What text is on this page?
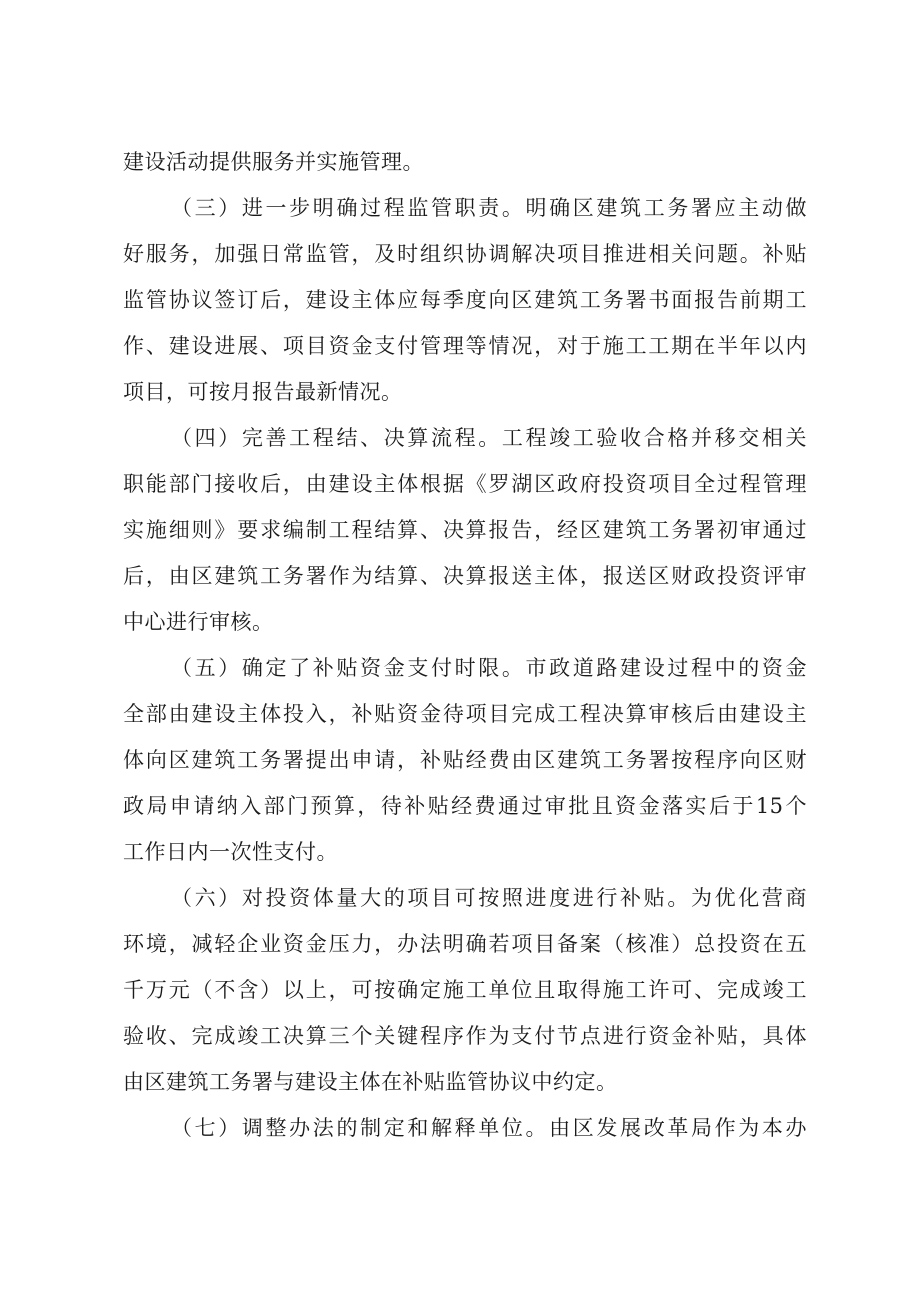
建设活动提供服务并实施管理。
（三）进一步明确过程监管职责。明确区建筑工务署应主动做
好服务，加强日常监管，及时组织协调解决项目推进相关问题。补贴
监管协议签订后，建设主体应每季度向区建筑工务署书面报告前期工
作、建设进展、项目资金支付管理等情况，对于施工工期在半年以内
项目，可按月报告最新情况。
（四）完善工程结、决算流程。工程竣工验收合格并移交相关
职能部门接收后，由建设主体根据《罗湖区政府投资项目全过程管理
实施细则》要求编制工程结算、决算报告，经区建筑工务署初审通过
后，由区建筑工务署作为结算、决算报送主体，报送区财政投资评审
中心进行审核。
（五）确定了补贴资金支付时限。市政道路建设过程中的资金
全部由建设主体投入，补贴资金待项目完成工程决算审核后由建设主
体向区建筑工务署提出申请，补贴经费由区建筑工务署按程序向区财
政局申请纳入部门预算，待补贴经费通过审批且资金落实后于15个
工作日内一次性支付。
（六）对投资体量大的项目可按照进度进行补贴。为优化营商
环境，减轻企业资金压力，办法明确若项目备案（核准）总投资在五
千万元（不含）以上，可按确定施工单位且取得施工许可、完成竣工
验收、完成竣工决算三个关键程序作为支付节点进行资金补贴，具体
由区建筑工务署与建设主体在补贴监管协议中约定。
（七）调整办法的制定和解释单位。由区发展改革局作为本办
